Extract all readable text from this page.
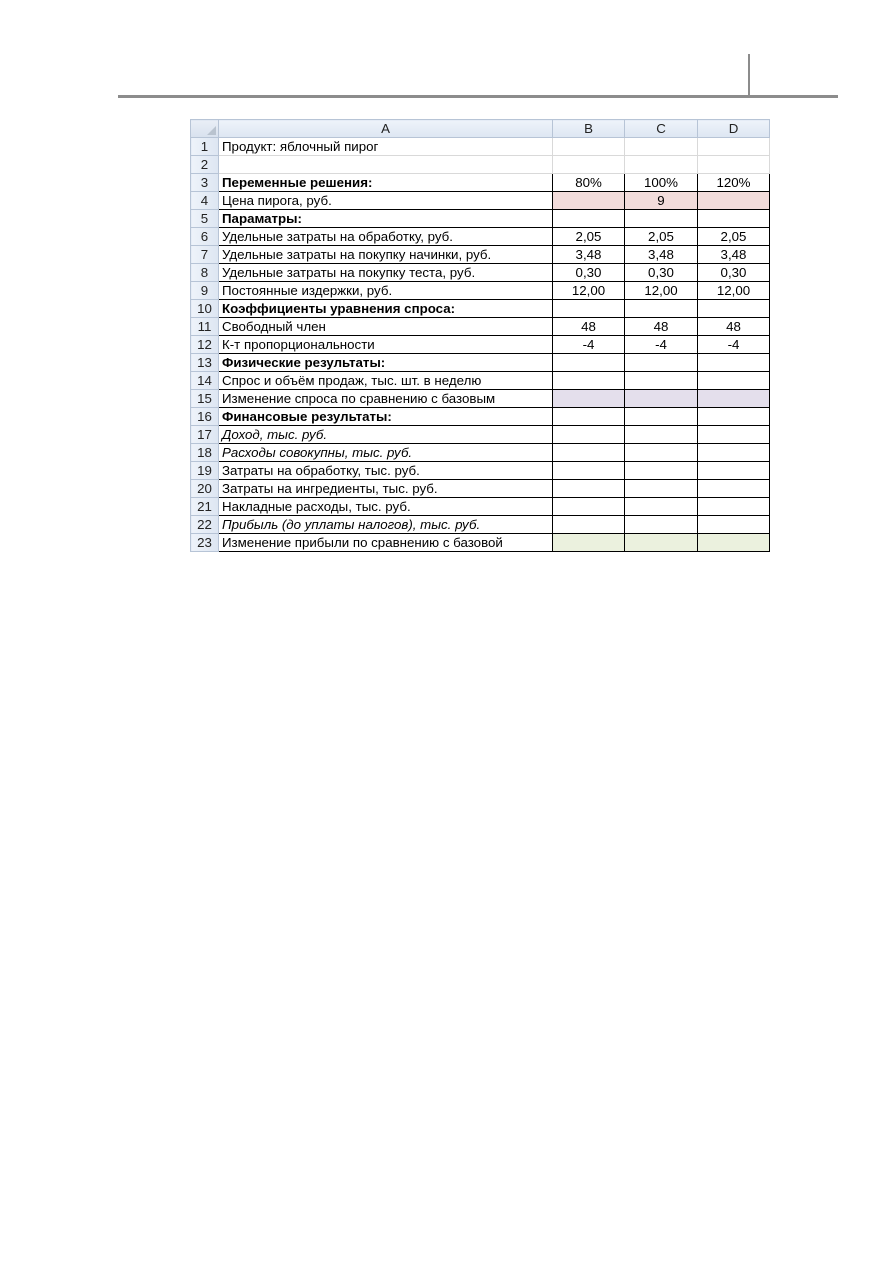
	A	B	C	D
1	Продукт: яблочный пирог			
2				
3	Переменные решения:	80%	100%	120%
4	Цена пирога, руб.		9	
5	Параматры:			
6	Удельные затраты на обработку, руб.	2,05	2,05	2,05
7	Удельные затраты на покупку начинки, руб.	3,48	3,48	3,48
8	Удельные затраты на покупку теста, руб.	0,30	0,30	0,30
9	Постоянные издержки, руб.	12,00	12,00	12,00
10	Коэффициенты уравнения спроса:			
11	Свободный член	48	48	48
12	К-т пропорциональности	-4	-4	-4
13	Физические результаты:			
14	Спрос и объём продаж, тыс. шт. в неделю			
15	Изменение спроса по сравнению с базовым			
16	Финансовые результаты:			
17	Доход, тыс. руб.			
18	Расходы совокупны, тыс. руб.			
19	Затраты на обработку, тыс. руб.			
20	Затраты на ингредиенты, тыс. руб.			
21	Накладные расходы, тыс. руб.			
22	Прибыль (до уплаты налогов), тыс. руб.			
23	Изменение прибыли по сравнению с базовой			
